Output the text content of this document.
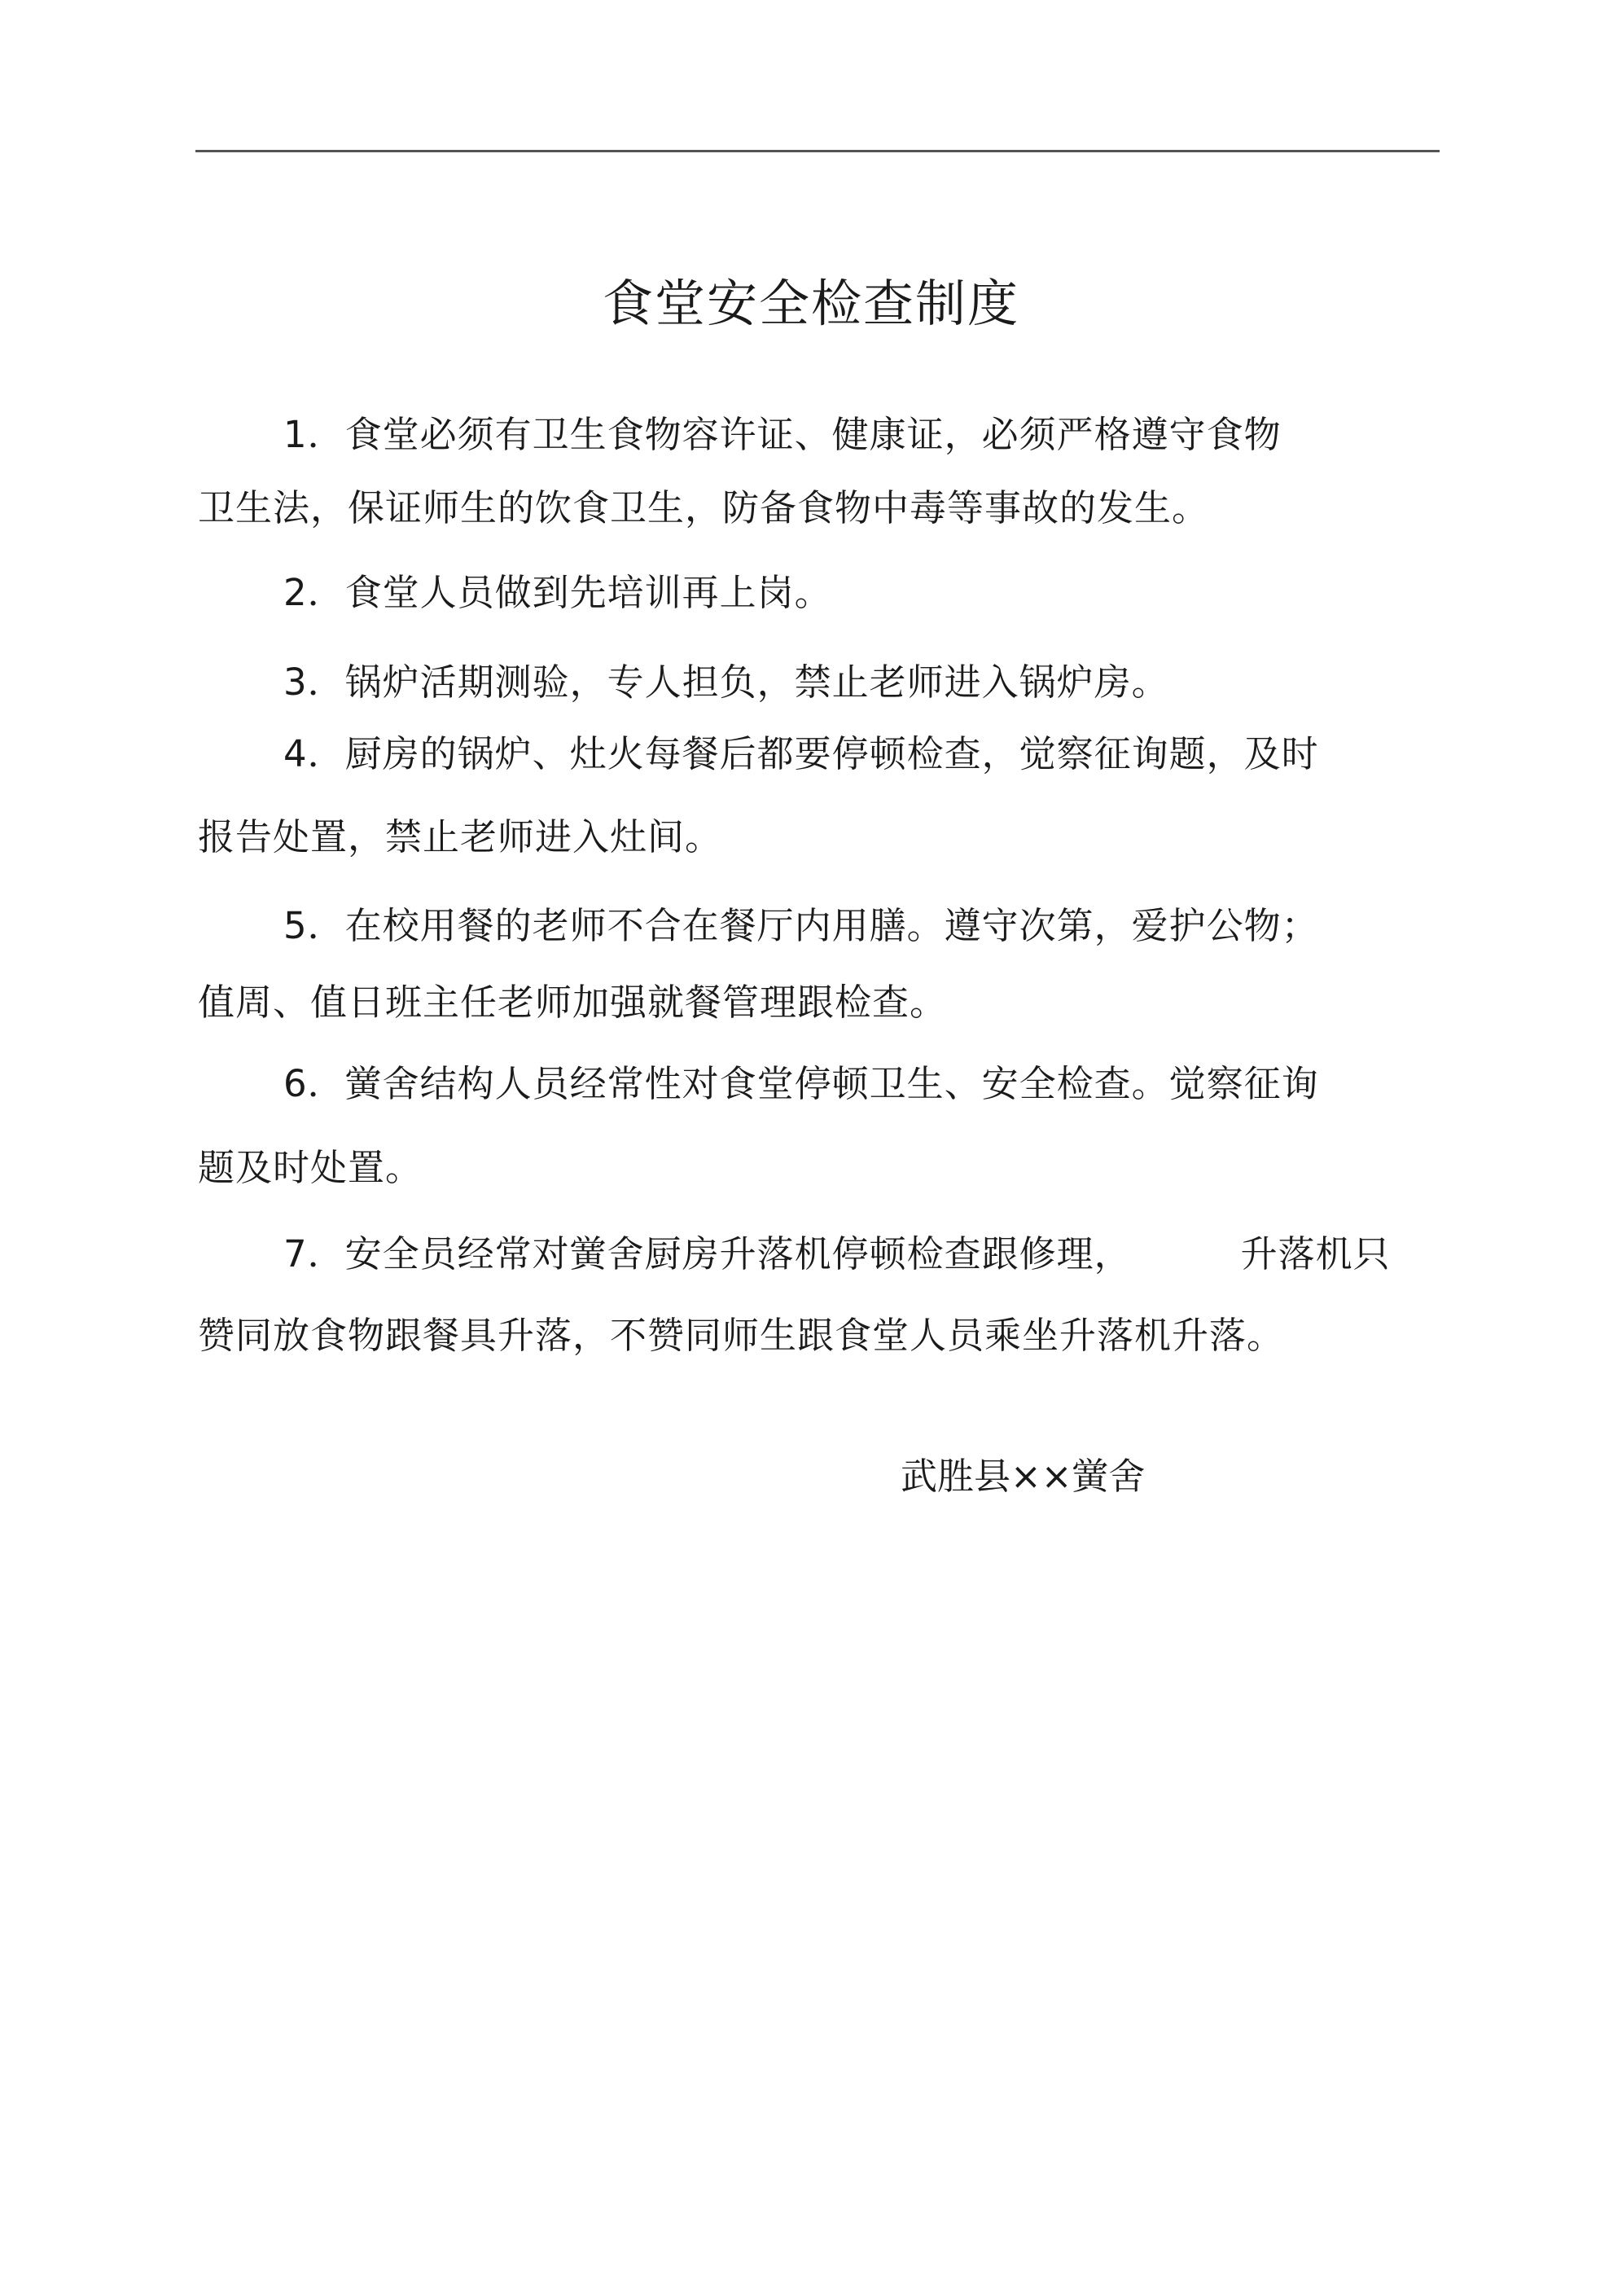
食堂安全检查制度
1．食堂必须有卫生食物容许证、健康证，必须严格遵守食物
卫生法，保证师生的饮食卫生，防备食物中毒等事故的发生。
2．食堂人员做到先培训再上岗。
3．锅炉活期测验，专人担负，禁止老师进入锅炉房。
4．厨房的锅炉、灶火每餐后都要停顿检查，觉察征询题，及时
报告处置，禁止老师进入灶间。
5．在校用餐的老师不合在餐厅内用膳。遵守次第，爱护公物；
值周、值日班主任老师加强就餐管理跟检查。
6．黉舍结构人员经常性对食堂停顿卫生、安全检查。觉察征询
题及时处置。
7．安全员经常对黉舍厨房升落机停顿检查跟修理，	升落机只
赞同放食物跟餐具升落，不赞同师生跟食堂人员乘坐升落机升落。
武胜县××黉舍
